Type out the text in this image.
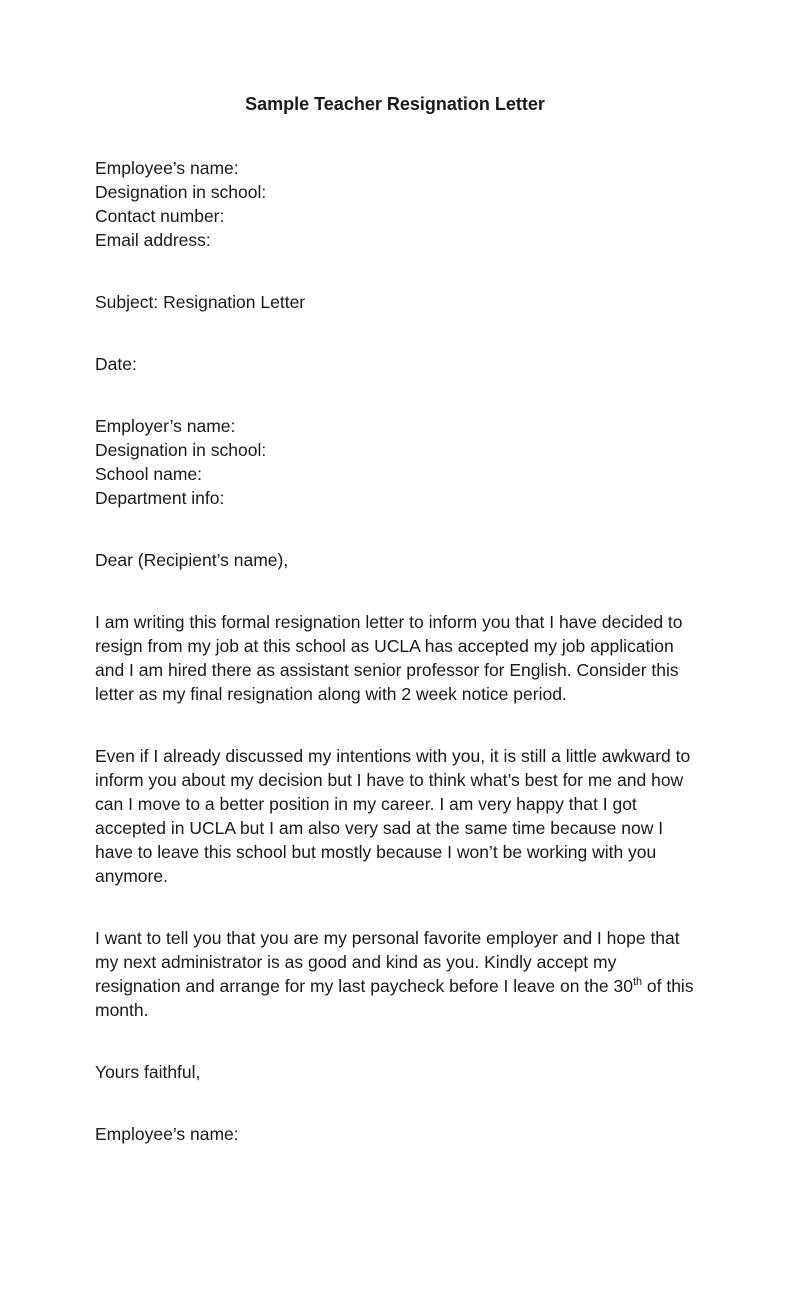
Sample Teacher Resignation Letter
Employee’s name:
Designation in school:
Contact number:
Email address:

Subject: Resignation Letter

Date:

Employer’s name:
Designation in school:
School name:
Department info:

Dear (Recipient’s name),

I am writing this formal resignation letter to inform you that I have decided to resign from my job at this school as UCLA has accepted my job application and I am hired there as assistant senior professor for English. Consider this letter as my final resignation along with 2 week notice period.

Even if I already discussed my intentions with you, it is still a little awkward to inform you about my decision but I have to think what’s best for me and how can I move to a better position in my career. I am very happy that I got accepted in UCLA but I am also very sad at the same time because now I have to leave this school but mostly because I won’t be working with you anymore.

I want to tell you that you are my personal favorite employer and I hope that my next administrator is as good and kind as you. Kindly accept my resignation and arrange for my last paycheck before I leave on the 30th of this month.

Yours faithful,

Employee’s name:
